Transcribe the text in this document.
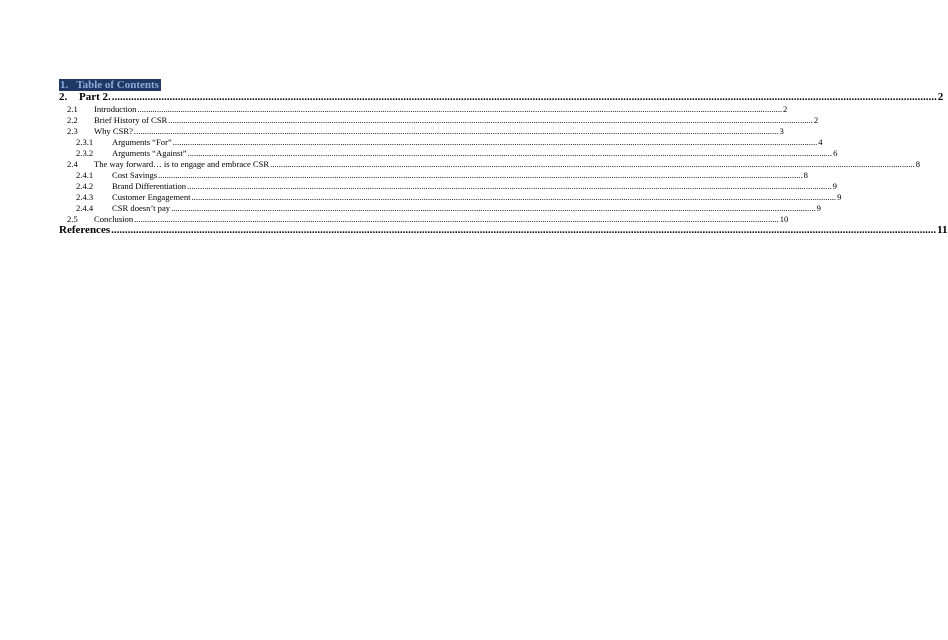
1. Table of Contents
2.	Part 2. ............................................................................................................................................................................................................................................................................................................ 2
2.1	Introduction ............................................................................................................................................................................................................................................................................................................ 2
2.2	Brief History of CSR ............................................................................................................................................................................................................................................................................................................ 2
2.3	Why CSR? ............................................................................................................................................................................................................................................................................................................ 3
2.3.1	Arguments “For” ............................................................................................................................................................................................................................................................................................................ 4
2.3.2	Arguments “Against” ............................................................................................................................................................................................................................................................................................................ 6
2.4	The way forward… is to engage and embrace CSR ............................................................................................................................................................................................................................................................................................................ 8
2.4.1	Cost Savings ............................................................................................................................................................................................................................................................................................................ 8
2.4.2	Brand Differentiation ............................................................................................................................................................................................................................................................................................................ 9
2.4.3	Customer Engagement ............................................................................................................................................................................................................................................................................................................ 9
2.4.4	CSR doesn’t pay ............................................................................................................................................................................................................................................................................................................ 9
2.5	Conclusion ............................................................................................................................................................................................................................................................................................................ 10
References ............................................................................................................................................................................................................................................................................................................ 11
